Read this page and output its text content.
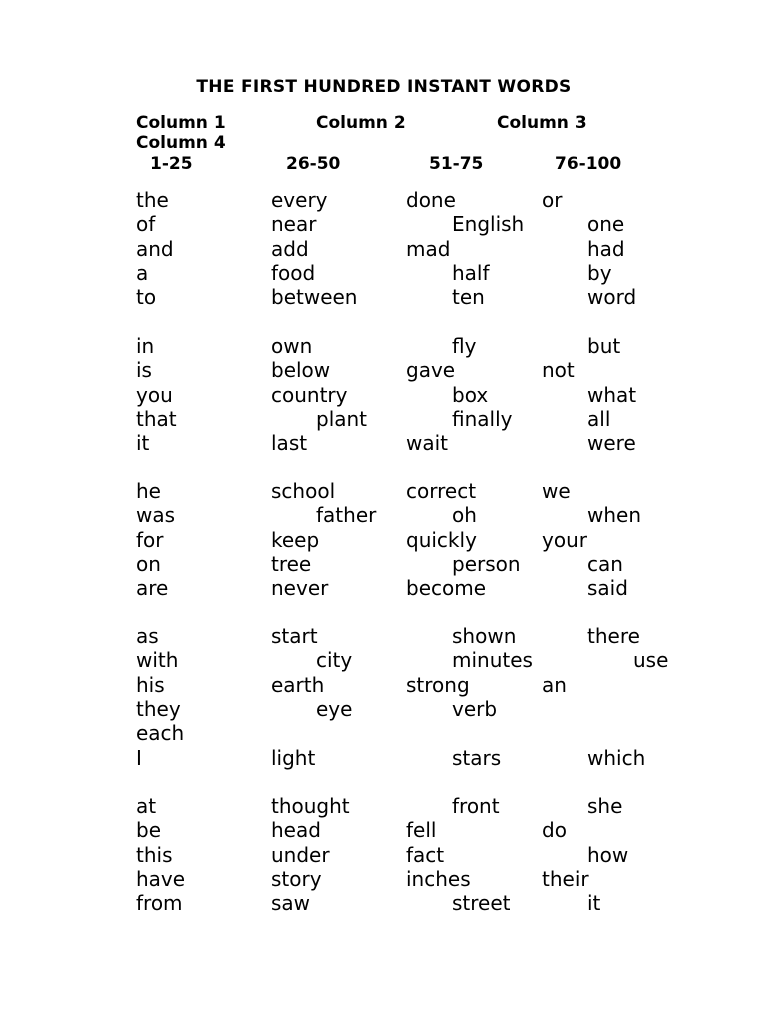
THE FIRST HUNDRED INSTANT WORDS
Column 1	Column 2	Column 3
Column 4
1-25	26-50	51-75	76-100
the	every	done	or
of	near	English	one
and	add	mad	had
a	food	half	by
to	between	ten	word
in	own	fly	but
is	below	gave	not
you	country	box	what
that	plant	finally	all
it	last	wait	were
he	school	correct	we
was	father	oh	when
for	keep	quickly	your
on	tree	person	can
are	never	become	said
as	start	shown	there
with	city	minutes	use
his	earth	strong	an
they	eye	verb
each
I	light	stars	which
at	thought	front	she
be	head	fell	do
this	under	fact	how
have	story	inches	their
from	saw	street	it
